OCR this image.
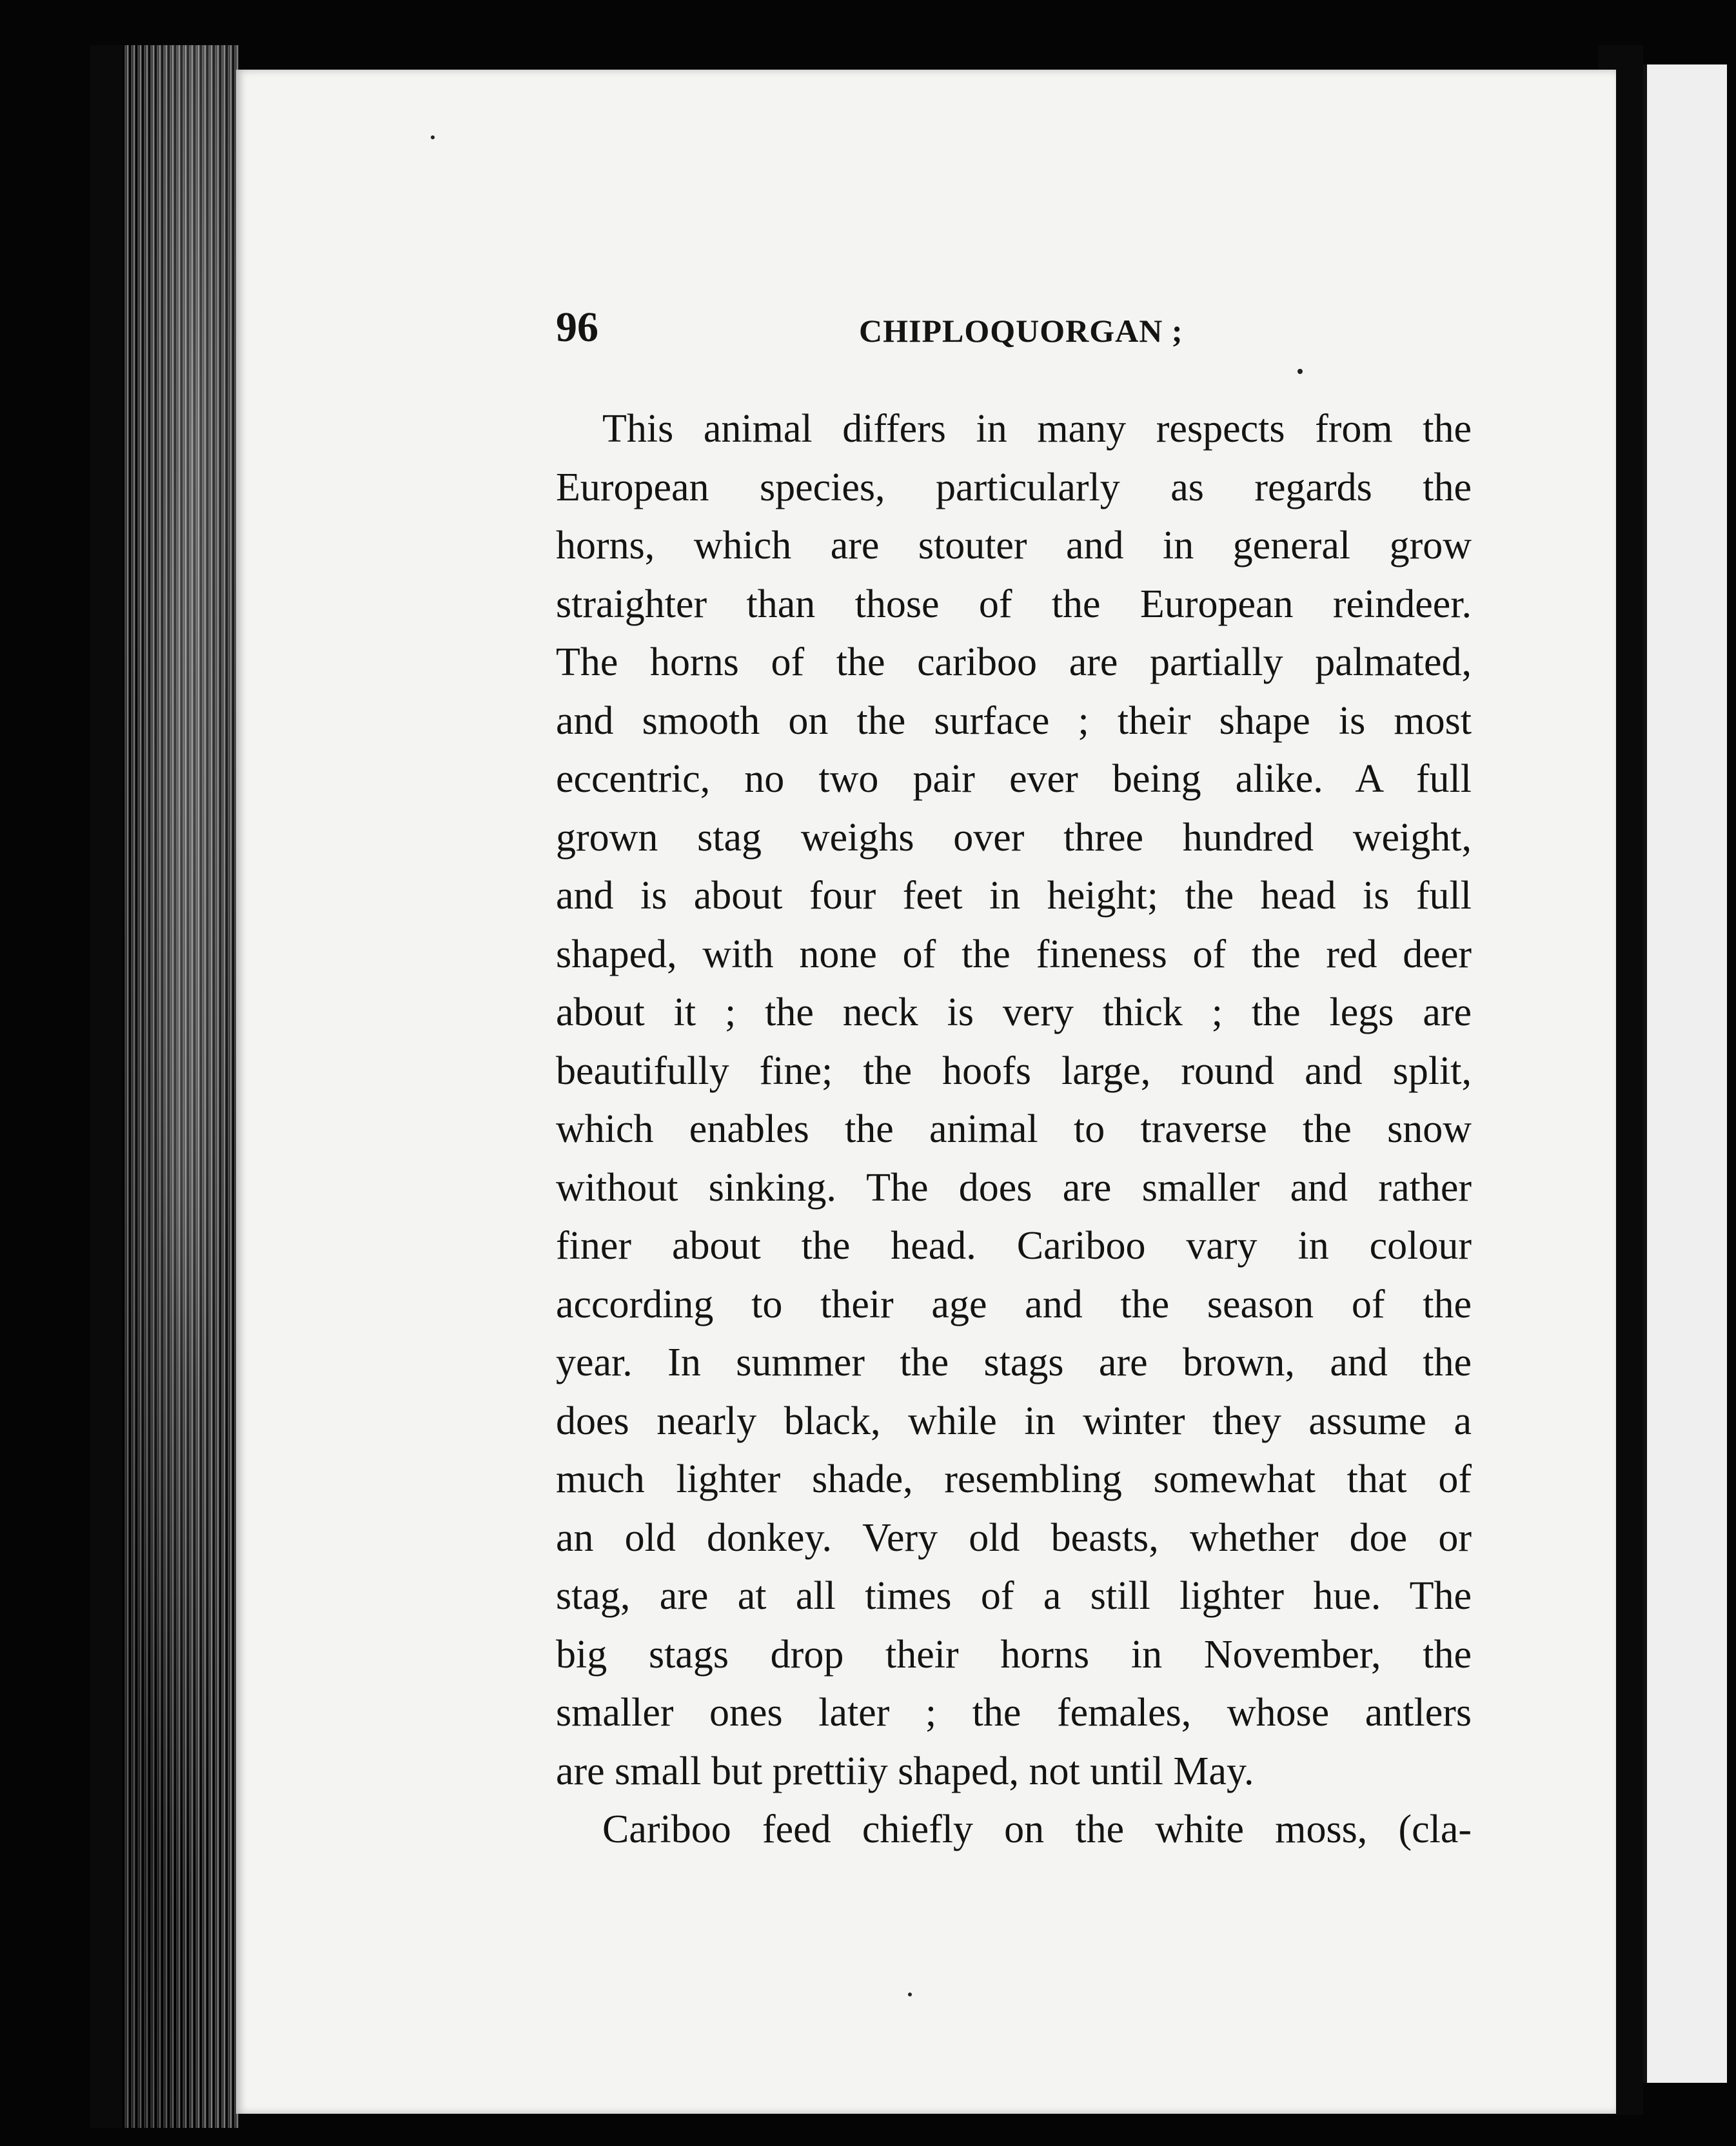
96	CHIPLOQUORGAN ;
This animal differs in many respects from the
European species, particularly as regards the
horns, which are stouter and in general grow
straighter than those of the European reindeer.
The horns of the cariboo are partially palmated,
and smooth on the surface ; their shape is most
eccentric, no two pair ever being alike. A full
grown stag weighs over three hundred weight,
and is about four feet in height; the head is full
shaped, with none of the fineness of the red deer
about it ; the neck is very thick ; the legs are
beautifully fine; the hoofs large, round and split,
which enables the animal to traverse the snow
without sinking. The does are smaller and rather
finer about the head. Cariboo vary in colour
according to their age and the season of the
year. In summer the stags are brown, and the
does nearly black, while in winter they assume a
much lighter shade, resembling somewhat that of
an old donkey. Very old beasts, whether doe or
stag, are at all times of a still lighter hue. The
big stags drop their horns in November, the
smaller ones later ; the females, whose antlers
are small but prettiiy shaped, not until May.
Cariboo feed chiefly on the white moss, (cla-
